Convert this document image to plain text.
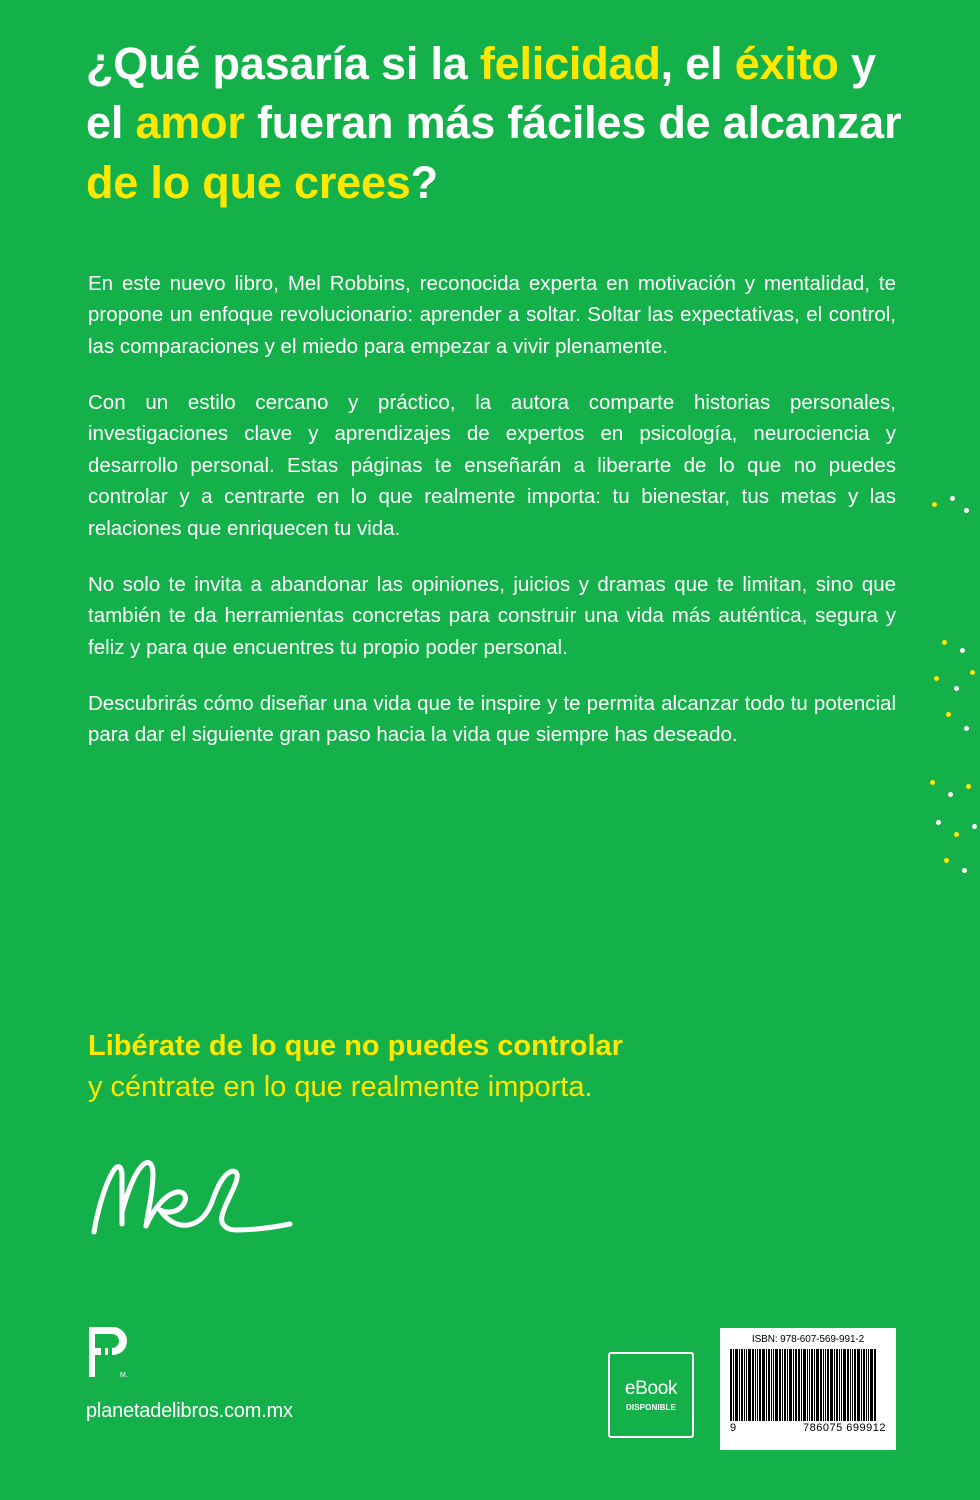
¿Qué pasaría si la felicidad, el éxito y el amor fueran más fáciles de alcanzar de lo que crees?

En este nuevo libro, Mel Robbins, reconocida experta en motivación y mentalidad, te propone un enfoque revolucionario: aprender a soltar. Soltar las expectativas, el control, las comparaciones y el miedo para empezar a vivir plenamente.

Con un estilo cercano y práctico, la autora comparte historias personales, investigaciones clave y aprendizajes de expertos en psicología, neurociencia y desarrollo personal. Estas páginas te enseñarán a liberarte de lo que no puedes controlar y a centrarte en lo que realmente importa: tu bienestar, tus metas y las relaciones que enriquecen tu vida.

No solo te invita a abandonar las opiniones, juicios y dramas que te limitan, sino que también te da herramientas concretas para construir una vida más auténtica, segura y feliz y para que encuentres tu propio poder personal.

Descubrirás cómo diseñar una vida que te inspire y te permita alcanzar todo tu potencial para dar el siguiente gran paso hacia la vida que siempre has deseado.

Libérate de lo que no puedes controlar
y céntrate en lo que realmente importa.
M.
planetadelibros.com.mx
eBook
DISPONIBLE
ISBN: 978-607-569-991-2
9	786075 699912
